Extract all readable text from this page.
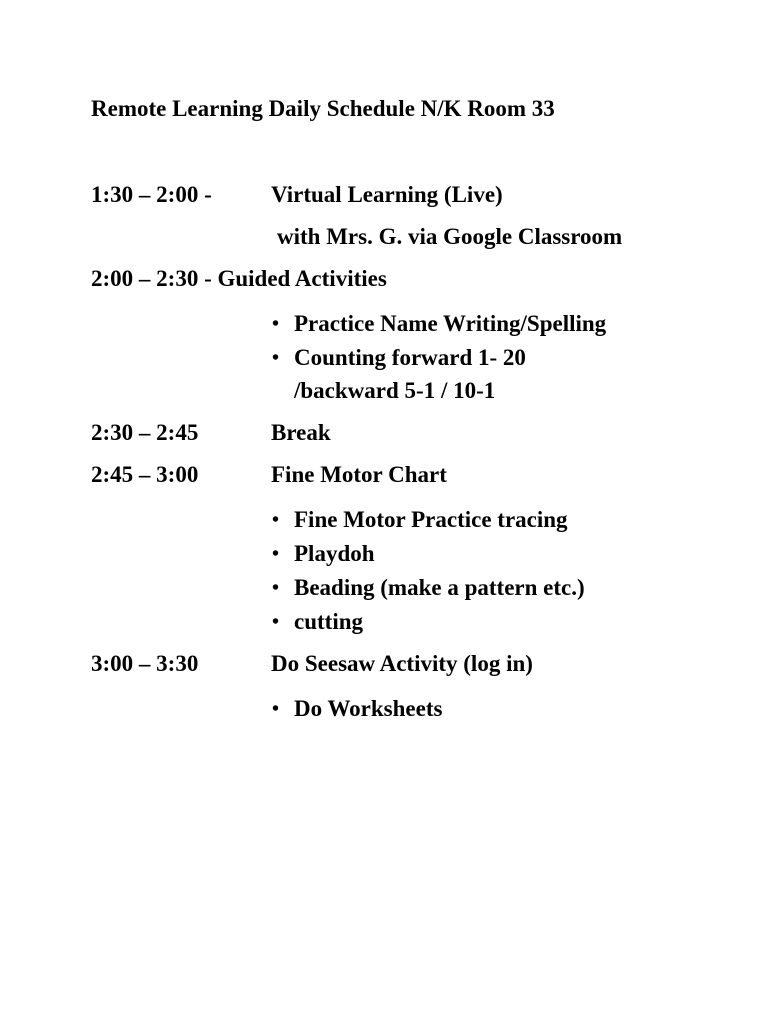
Remote Learning Daily Schedule N/K Room 33
1:30 – 2:00 -	Virtual Learning (Live)
with Mrs. G. via Google Classroom
2:00 – 2:30 - Guided Activities
• Practice Name Writing/Spelling
• Counting forward 1- 20
/backward 5-1 / 10-1
2:30 – 2:45	Break
2:45 – 3:00	Fine Motor Chart
• Fine Motor Practice tracing
• Playdoh
• Beading (make a pattern etc.)
• cutting
3:00 – 3:30	Do Seesaw Activity (log in)
• Do Worksheets
